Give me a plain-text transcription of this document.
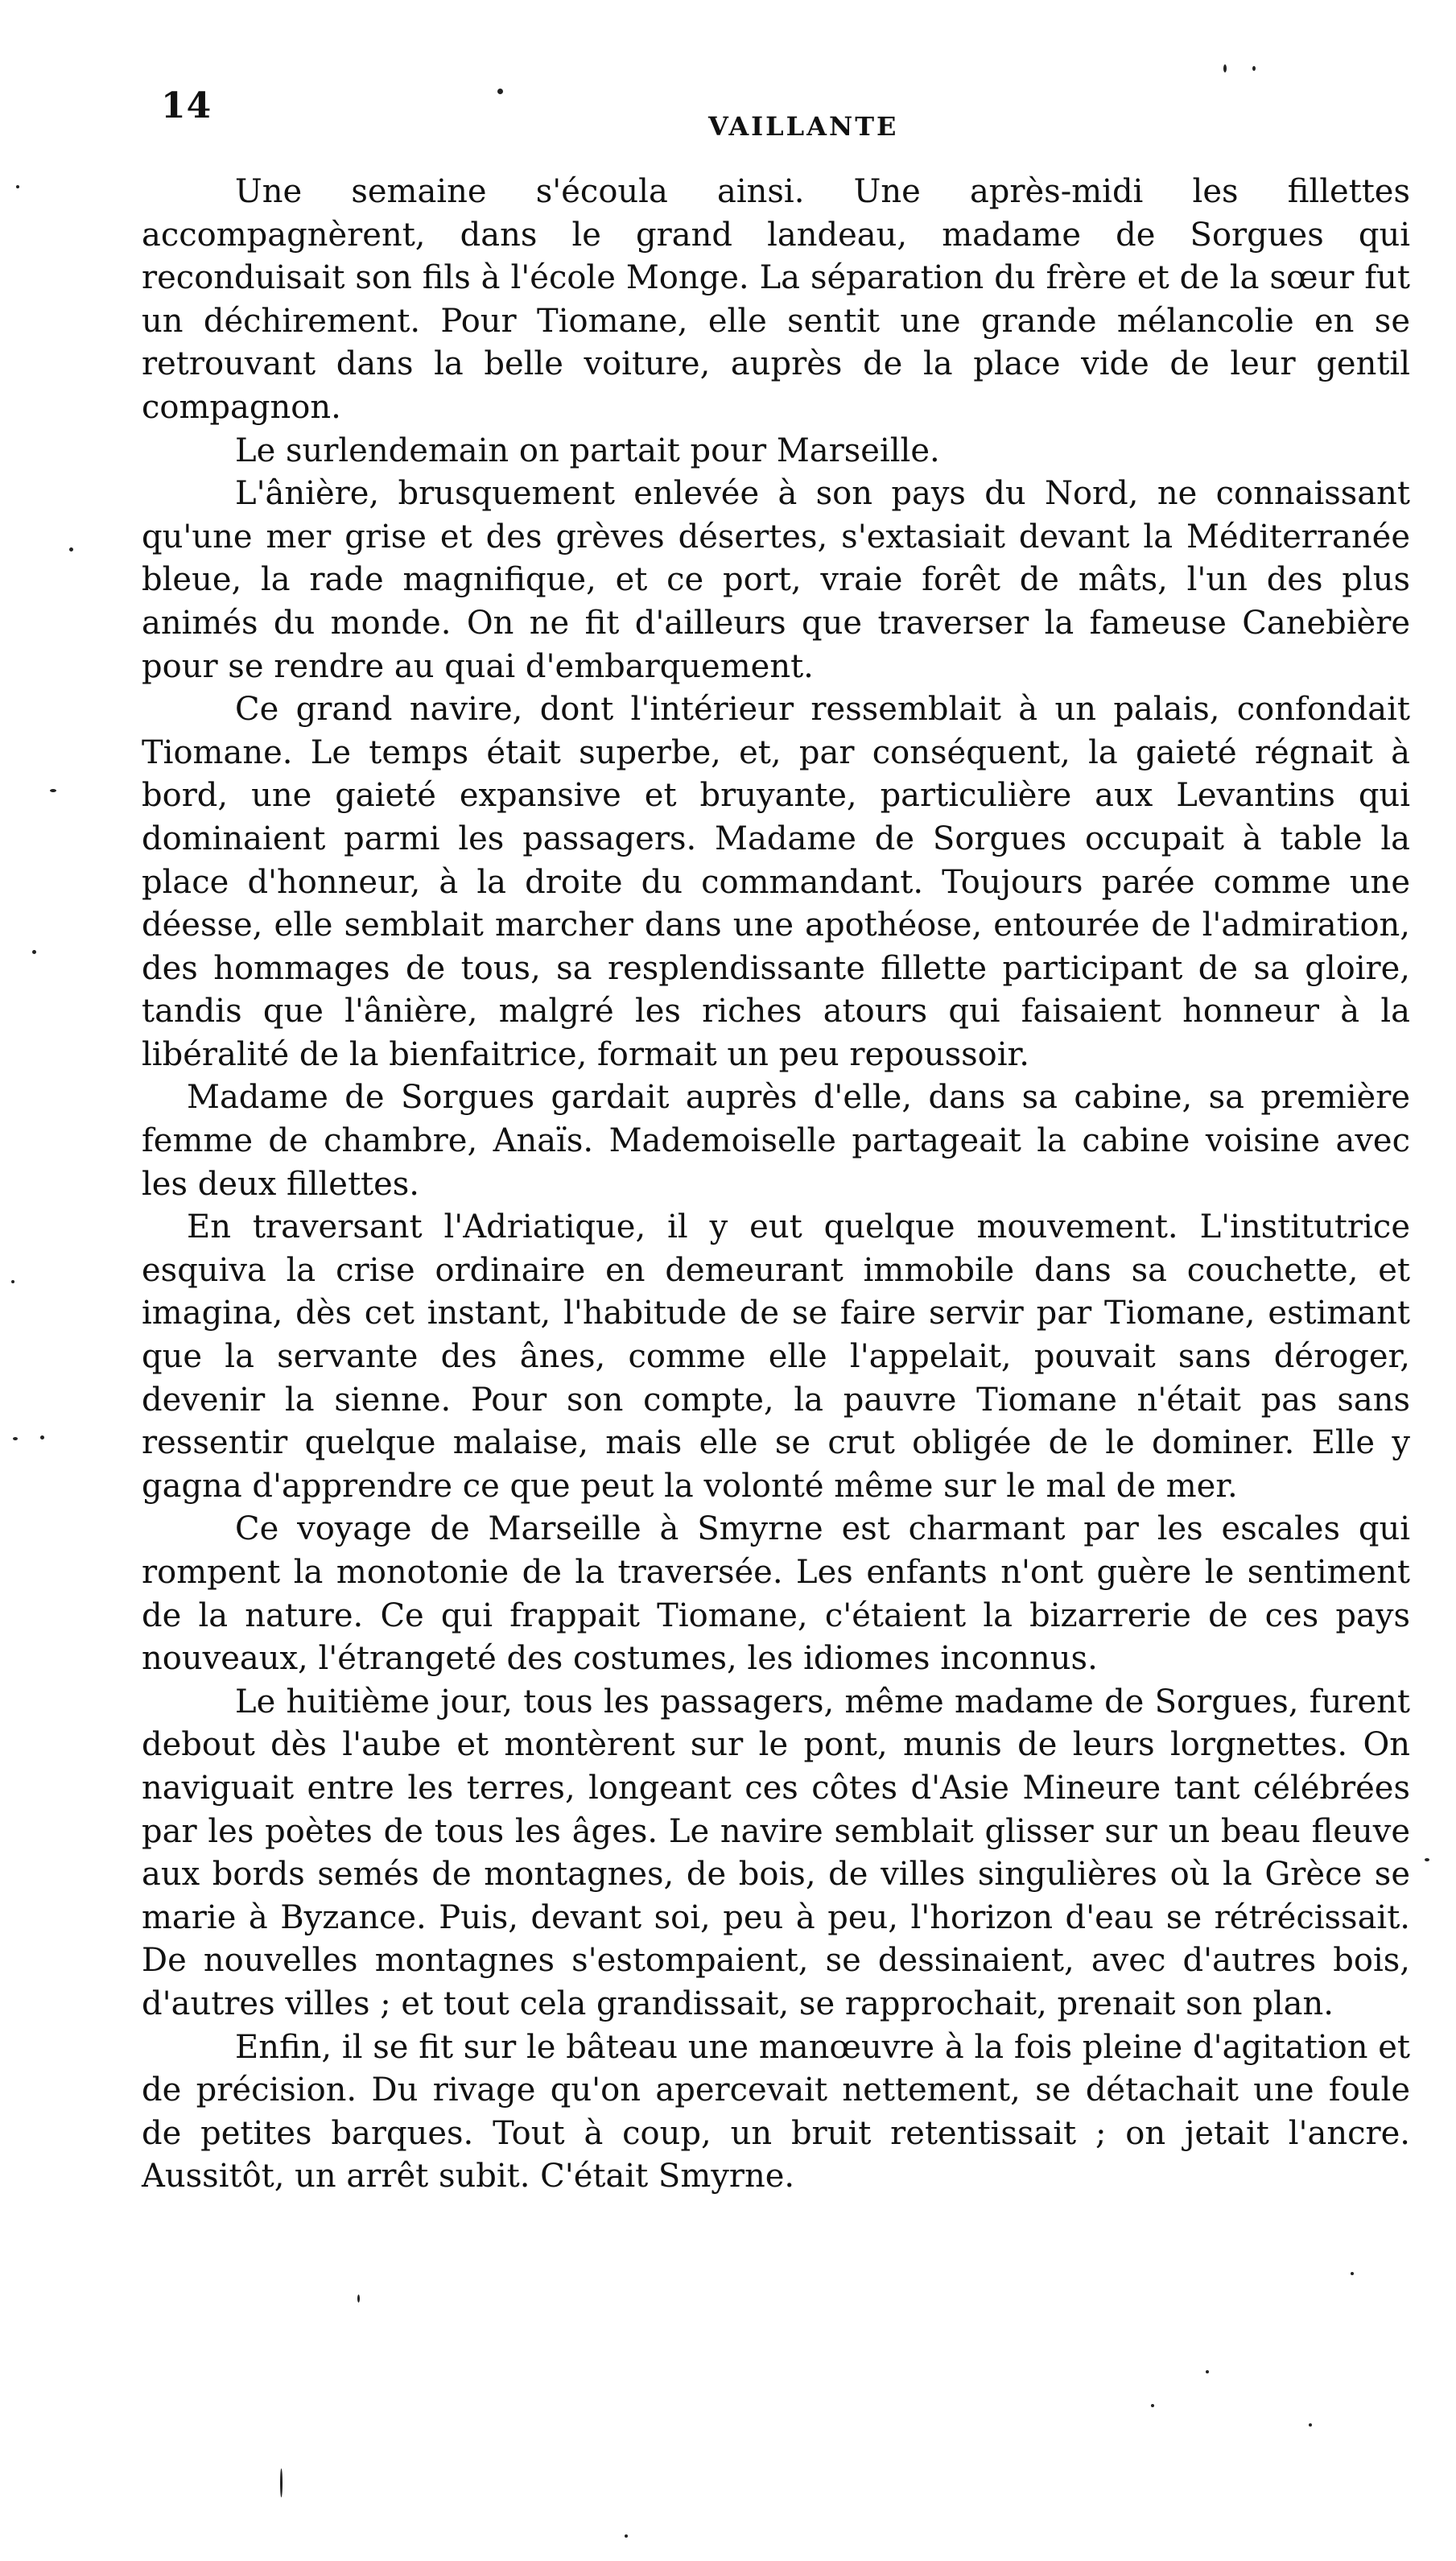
14	VAILLANTE

Une semaine s'écoula ainsi. Une après-midi les fillettes accompagnèrent, dans le grand landeau, madame de Sorgues qui reconduisait son fils à l'école Monge. La séparation du frère et de la sœur fut un déchirement. Pour Tiomane, elle sentit une grande mélancolie en se retrouvant dans la belle voiture, auprès de la place vide de leur gentil compagnon.

Le surlendemain on partait pour Marseille.

L'ânière, brusquement enlevée à son pays du Nord, ne connaissant qu'une mer grise et des grèves désertes, s'extasiait devant la Méditerranée bleue, la rade magnifique, et ce port, vraie forêt de mâts, l'un des plus animés du monde. On ne fit d'ailleurs que traverser la fameuse Canebière pour se rendre au quai d'embarquement.

Ce grand navire, dont l'intérieur ressemblait à un palais, confondait Tiomane. Le temps était superbe, et, par conséquent, la gaieté régnait à bord, une gaieté expansive et bruyante, particulière aux Levantins qui dominaient parmi les passagers. Madame de Sorgues occupait à table la place d'honneur, à la droite du commandant. Toujours parée comme une déesse, elle semblait marcher dans une apothéose, entourée de l'admiration, des hommages de tous, sa resplendissante fillette participant de sa gloire, tandis que l'ânière, malgré les riches atours qui faisaient honneur à la libéralité de la bienfaitrice, formait un peu repoussoir.

Madame de Sorgues gardait auprès d'elle, dans sa cabine, sa première femme de chambre, Anaïs. Mademoiselle partageait la cabine voisine avec les deux fillettes.

En traversant l'Adriatique, il y eut quelque mouvement. L'institutrice esquiva la crise ordinaire en demeurant immobile dans sa couchette, et imagina, dès cet instant, l'habitude de se faire servir par Tiomane, estimant que la servante des ânes, comme elle l'appelait, pouvait sans déroger, devenir la sienne. Pour son compte, la pauvre Tiomane n'était pas sans ressentir quelque malaise, mais elle se crut obligée de le dominer. Elle y gagna d'apprendre ce que peut la volonté même sur le mal de mer.

Ce voyage de Marseille à Smyrne est charmant par les escales qui rompent la monotonie de la traversée. Les enfants n'ont guère le sentiment de la nature. Ce qui frappait Tiomane, c'étaient la bizarrerie de ces pays nouveaux, l'étrangeté des costumes, les idiomes inconnus.

Le huitième jour, tous les passagers, même madame de Sorgues, furent debout dès l'aube et montèrent sur le pont, munis de leurs lorgnettes. On naviguait entre les terres, longeant ces côtes d'Asie Mineure tant célébrées par les poètes de tous les âges. Le navire semblait glisser sur un beau fleuve aux bords semés de montagnes, de bois, de villes singulières où la Grèce se marie à Byzance. Puis, devant soi, peu à peu, l'horizon d'eau se rétrécissait. De nouvelles montagnes s'estompaient, se dessinaient, avec d'autres bois, d'autres villes ; et tout cela grandissait, se rapprochait, prenait son plan.

Enfin, il se fit sur le bâteau une manœuvre à la fois pleine d'agitation et de précision. Du rivage qu'on apercevait nettement, se détachait une foule de petites barques. Tout à coup, un bruit retentissait ; on jetait l'ancre. Aussitôt, un arrêt subit. C'était Smyrne.
